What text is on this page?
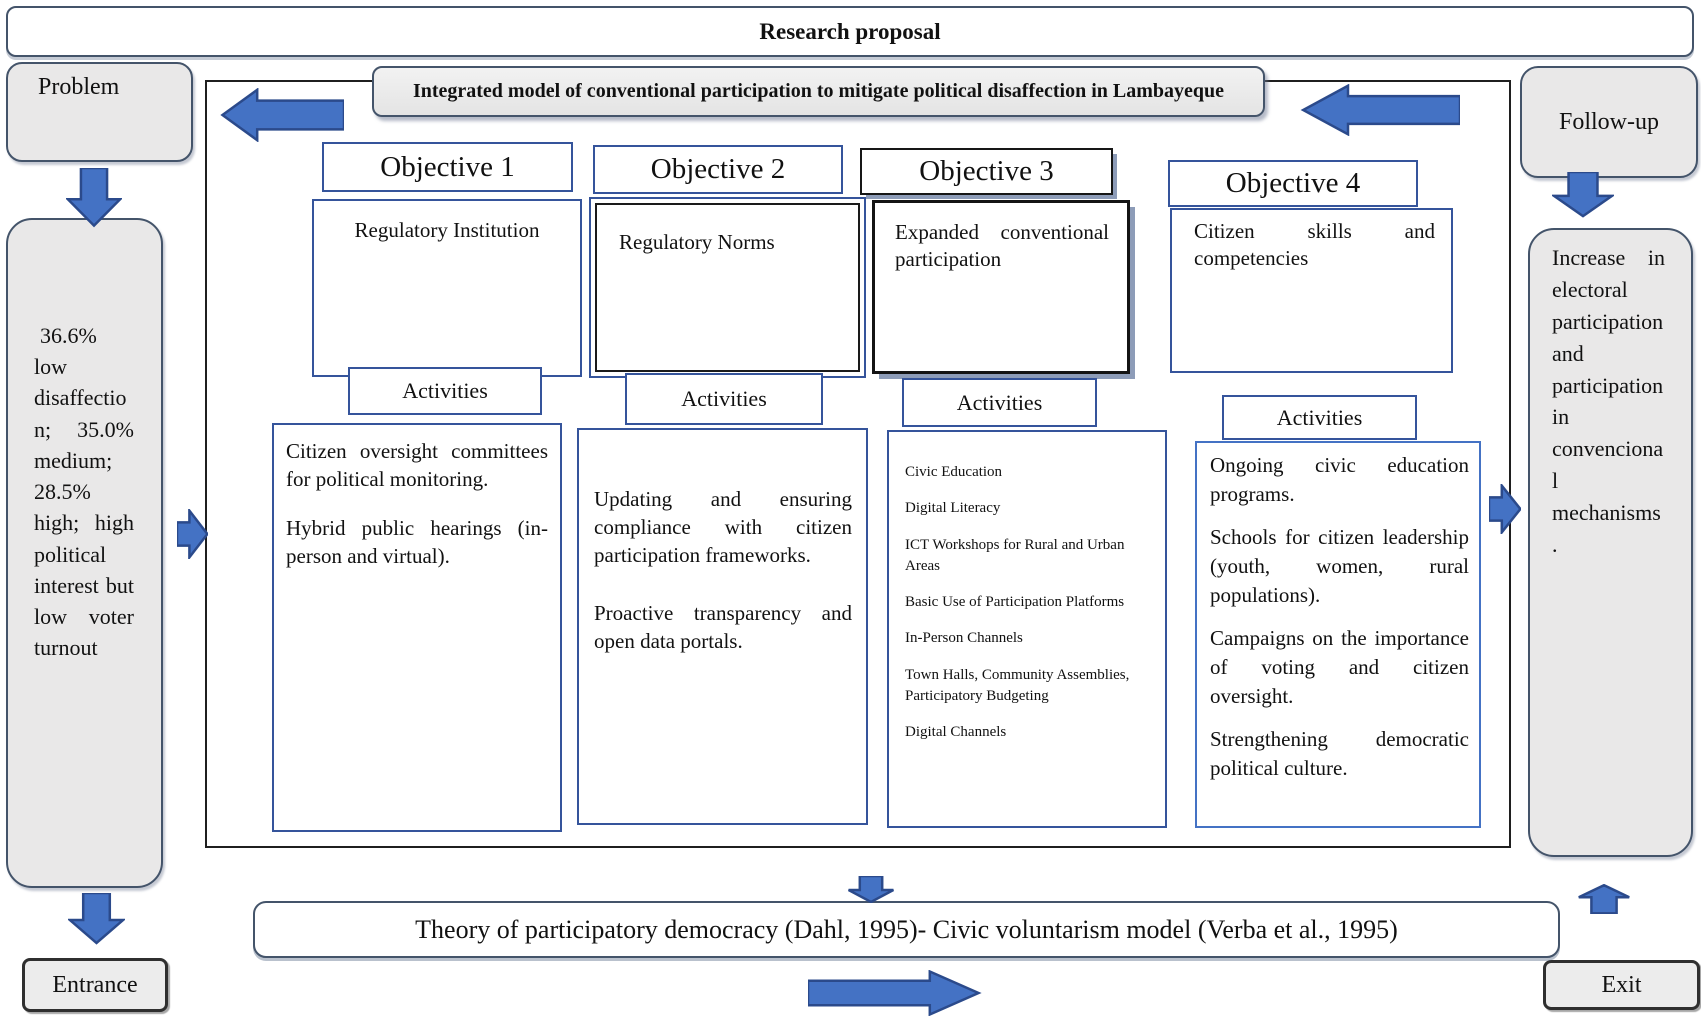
Research proposal
Integrated model of conventional participation to mitigate political disaffection in Lambayeque
Problem
36.6% low disaffection; 35.0% medium; 28.5% high; high political interest but low voter turnout
Entrance
Follow-up
Increase in electoral participation and participation in convencional mechanisms.
Exit
Objective 1

Regulatory Institution

Activities

Citizen oversight committees for political monitoring.

Hybrid public hearings (in-person and virtual).

Objective 2

Regulatory Norms

Activities

Updating and ensuring compliance with citizen participation frameworks.

Proactive transparency and open data portals.

Objective 3

Expanded conventional participation

Activities

Civic Education

Digital Literacy

ICT Workshops for Rural and Urban Areas

Basic Use of Participation Platforms

In-Person Channels

Town Halls, Community Assemblies, Participatory Budgeting

Digital Channels

Objective 4

Citizen skills and competencies

Activities

Ongoing civic education programs.

Schools for citizen leadership (youth, women, rural populations).

Campaigns on the importance of voting and citizen oversight.

Strengthening democratic political culture.

Theory of participatory democracy (Dahl, 1995)- Civic voluntarism model (Verba et al., 1995)
